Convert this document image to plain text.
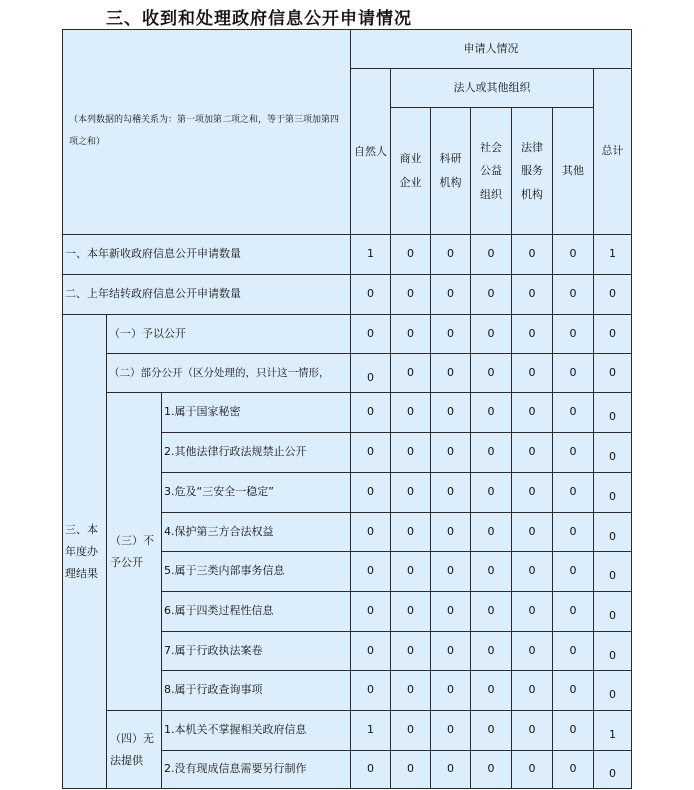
三、收到和处理政府信息公开申请情况
（本列数据的勾稽关系为：第一项加第二项之和，等于第三项加第四项之和）			申请人情况						
			自然人	法人或其他组织					总计
				商业企业	科研机构	社会公益组织	法律服务机构	其他	
一、本年新收政府信息公开申请数量			1	0	0	0	0	0	1
二、上年结转政府信息公开申请数量			0	0	0	0	0	0	0
三、本年度办理结果	（一）予以公开		0	0	0	0	0	0	0
	（二）部分公开（区分处理的，只计这一情形，		0	0	0	0	0	0	0
	（三）不予公开	1.属于国家秘密	0	0	0	0	0	0	0
		2.其他法律行政法规禁止公开	0	0	0	0	0	0	0
		3.危及“三安全一稳定”	0	0	0	0	0	0	0
		4.保护第三方合法权益	0	0	0	0	0	0	0
		5.属于三类内部事务信息	0	0	0	0	0	0	0
		6.属于四类过程性信息	0	0	0	0	0	0	0
		7.属于行政执法案卷	0	0	0	0	0	0	0
		8.属于行政查询事项	0	0	0	0	0	0	0
	（四）无法提供	1.本机关不掌握相关政府信息	1	0	0	0	0	0	1
		2.没有现成信息需要另行制作	0	0	0	0	0	0	0
